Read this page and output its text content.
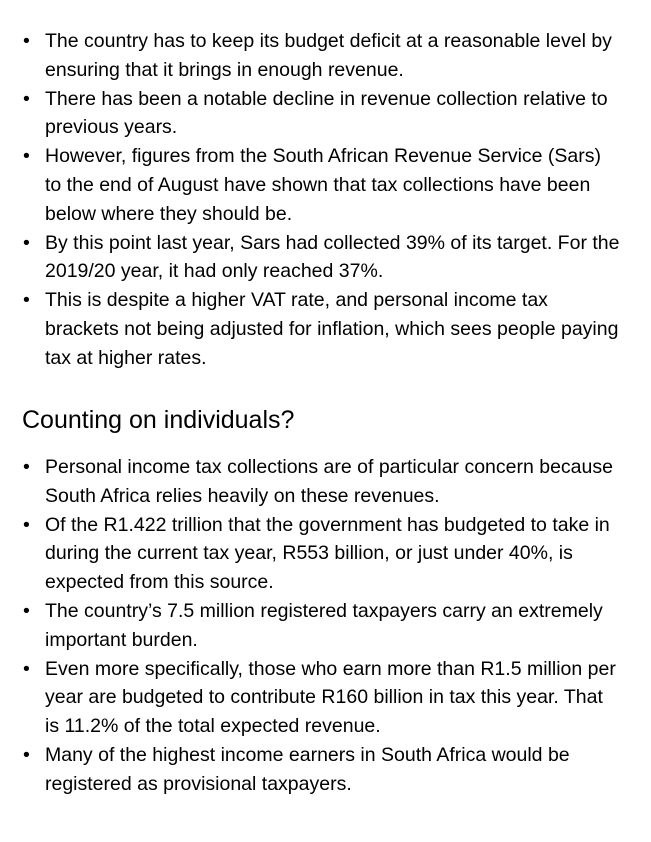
• The country has to keep its budget deficit at a reasonable level by ensuring that it brings in enough revenue.
• There has been a notable decline in revenue collection relative to previous years.
• However, figures from the South African Revenue Service (Sars) to the end of August have shown that tax collections have been below where they should be.
• By this point last year, Sars had collected 39% of its target. For the 2019/20 year, it had only reached 37%.
• This is despite a higher VAT rate, and personal income tax brackets not being adjusted for inflation, which sees people paying tax at higher rates.
Counting on individuals?
• Personal income tax collections are of particular concern because South Africa relies heavily on these revenues.
• Of the R1.422 trillion that the government has budgeted to take in during the current tax year, R553 billion, or just under 40%, is expected from this source.
• The country’s 7.5 million registered taxpayers carry an extremely important burden.
• Even more specifically, those who earn more than R1.5 million per year are budgeted to contribute R160 billion in tax this year. That is 11.2% of the total expected revenue.
• Many of the highest income earners in South Africa would be registered as provisional taxpayers.
